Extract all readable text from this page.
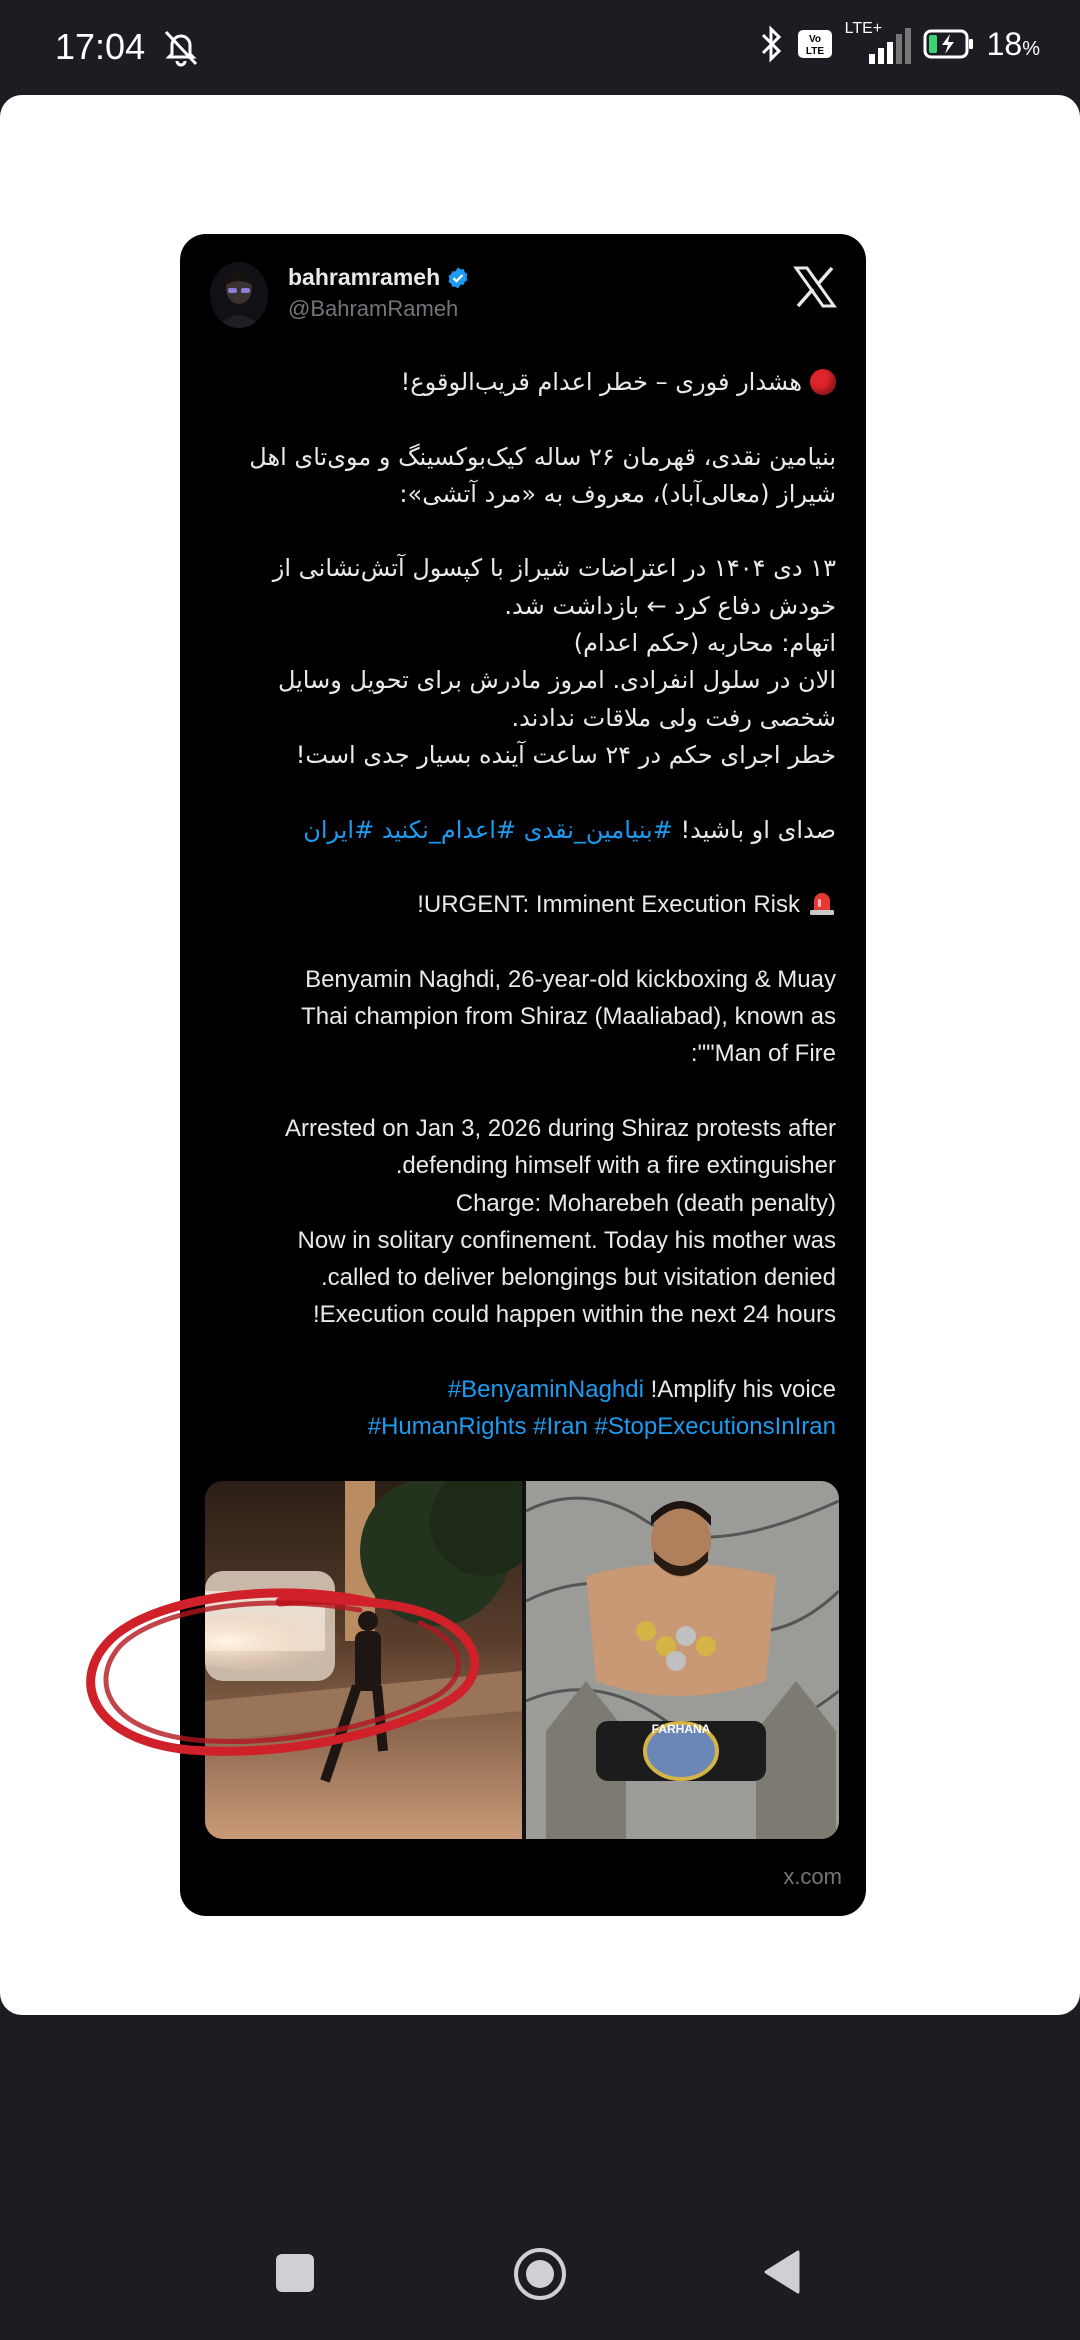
17:04	Vo
LTE
LTE+	18%
bahramrameh
@BahramRameh
هشدار فوری – خطر اعدام قریب‌الوقوع!
بنیامین نقدی، قهرمان ۲۶ ساله کیک‌بوکسینگ و موی‌تای اهل شیراز (معالی‌آباد)، معروف به «مرد آتشی»:
۱۳ دی ۱۴۰۴ در اعتراضات شیراز با کپسول آتش‌نشانی از خودش دفاع کرد ← بازداشت شد.
اتهام: محاربه (حکم اعدام)
الان در سلول انفرادی. امروز مادرش برای تحویل وسایل شخصی رفت ولی ملاقات ندادند.
خطر اجرای حکم در ۲۴ ساعت آینده بسیار جدی است!
صدای او باشید! #بنیامین_نقدی #اعدام_نکنید #ایران
!URGENT: Imminent Execution Risk
Benyamin Naghdi, 26-year-old kickboxing & Muay
Thai champion from Shiraz (Maaliabad), known as
:""Man of Fire
Arrested on Jan 3, 2026 during Shiraz protests after
.defending himself with a fire extinguisher
Charge: Moharebeh (death penalty)
Now in solitary confinement. Today his mother was
.called to deliver belongings but visitation denied
!Execution could happen within the next 24 hours
#BenyaminNaghdi !Amplify his voice
#HumanRights #Iran #StopExecutionsInIran
FARHANA
x.com
